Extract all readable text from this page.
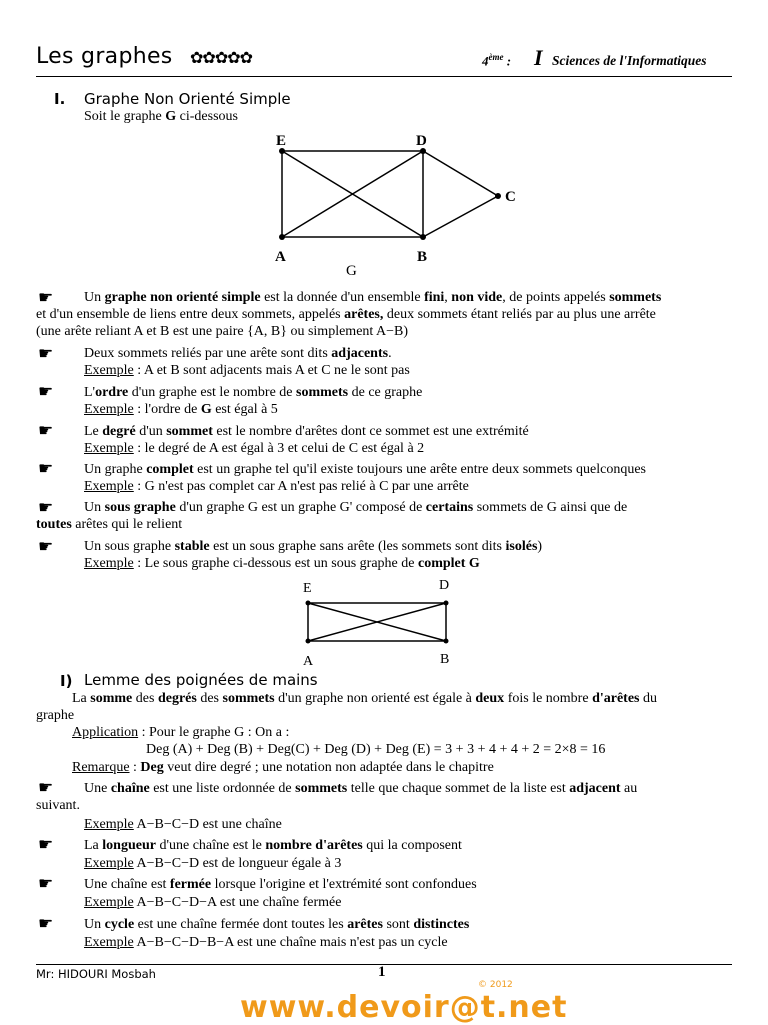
Les graphes ✿✿✿✿✿	4ème : I Sciences de l'Informatiques
I. Graphe Non Orienté Simple
Soit le graphe G ci-dessous
E	D
C
A	B
G
☛ Un graphe non orienté simple est la donnée d'un ensemble fini, non vide, de points appelés sommets
et d'un ensemble de liens entre deux sommets, appelés arêtes, deux sommets étant reliés par au plus une arrête
(une arête reliant A et B est une paire {A, B} ou simplement A−B)
☛ Deux sommets reliés par une arête sont dits adjacents.
Exemple : A et B sont adjacents mais A et C ne le sont pas
☛ L'ordre d'un graphe est le nombre de sommets de ce graphe
Exemple : l'ordre de G est égal à 5
☛ Le degré d'un sommet est le nombre d'arêtes dont ce sommet est une extrémité
Exemple : le degré de A est égal à 3 et celui de C est égal à 2
☛ Un graphe complet est un graphe tel qu'il existe toujours une arête entre deux sommets quelconques
Exemple : G n'est pas complet car A n'est pas relié à C par une arrête
☛ Un sous graphe d'un graphe G est un graphe G' composé de certains sommets de G ainsi que de
toutes arêtes qui le relient
☛ Un sous graphe stable est un sous graphe sans arête (les sommets sont dits isolés)
Exemple : Le sous graphe ci-dessous est un sous graphe de complet G
E	D
A	B
I) Lemme des poignées de mains
La somme des degrés des sommets d'un graphe non orienté est égale à deux fois le nombre d'arêtes du
graphe
Application : Pour le graphe G : On a :
Deg (A) + Deg (B) + Deg(C) + Deg (D) + Deg (E) = 3 + 3 + 4 + 4 + 2 = 2×8 = 16
Remarque : Deg veut dire degré ; une notation non adaptée dans le chapitre
☛ Une chaîne est une liste ordonnée de sommets telle que chaque sommet de la liste est adjacent au
suivant.
Exemple A−B−C−D est une chaîne
☛ La longueur d'une chaîne est le nombre d'arêtes qui la composent
Exemple A−B−C−D est de longueur égale à 3
☛ Une chaîne est fermée lorsque l'origine et l'extrémité sont confondues
Exemple A−B−C−D−A est une chaîne fermée
☛ Un cycle est une chaîne fermée dont toutes les arêtes sont distinctes
Exemple A−B−C−D−B−A est une chaîne mais n'est pas un cycle
Mr: HIDOURI Mosbah	1
www.devoir@t.net
© 2012
